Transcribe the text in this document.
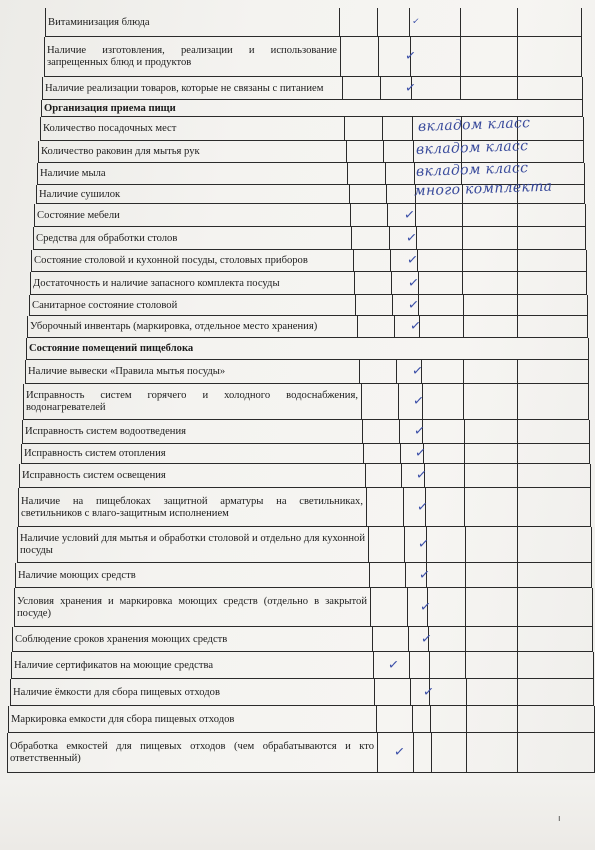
Витаминизация блюда	✓
Наличие изготовления, реализации и использование запрещенных блюд и продуктов	✓
Наличие реализации товаров, которые не связаны с питанием	✓
Организация приема пищи
Количество посадочных мест	вкладом класс
Количество раковин для мытья рук	вкладом класс
Наличие мыла	вкладом класс
Наличие сушилок	много комплекта
Состояние мебели	✓
Средства для обработки столов	✓
Состояние столовой и кухонной посуды, столовых приборов	✓
Достаточность и наличие запасного комплекта посуды	✓
Санитарное состояние столовой	✓
Уборочный инвентарь (маркировка, отдельное место хранения)	✓
Состояние помещений пищеблока
Наличие вывески «Правила мытья посуды»	✓
Исправность систем горячего и холодного водоснабжения, водонагревателей	✓
Исправность систем водоотведения	✓
Исправность систем отопления	✓
Исправность систем освещения	✓
Наличие на пищеблоках защитной арматуры на светильниках, светильников с влаго-защитным исполнением	✓
Наличие условий для мытья и обработки столовой и отдельно для кухонной посуды	✓
Наличие моющих средств	✓
Условия хранения и маркировка моющих средств (отдельно в закрытой посуде)	✓
Соблюдение сроков хранения моющих средств	✓
Наличие сертификатов на моющие средства	✓
Наличие ёмкости для сбора пищевых отходов	✓
Маркировка емкости для сбора пищевых отходов
Обработка емкостей для пищевых отходов (чем обрабатываются и кто ответственный)	✓
ı
